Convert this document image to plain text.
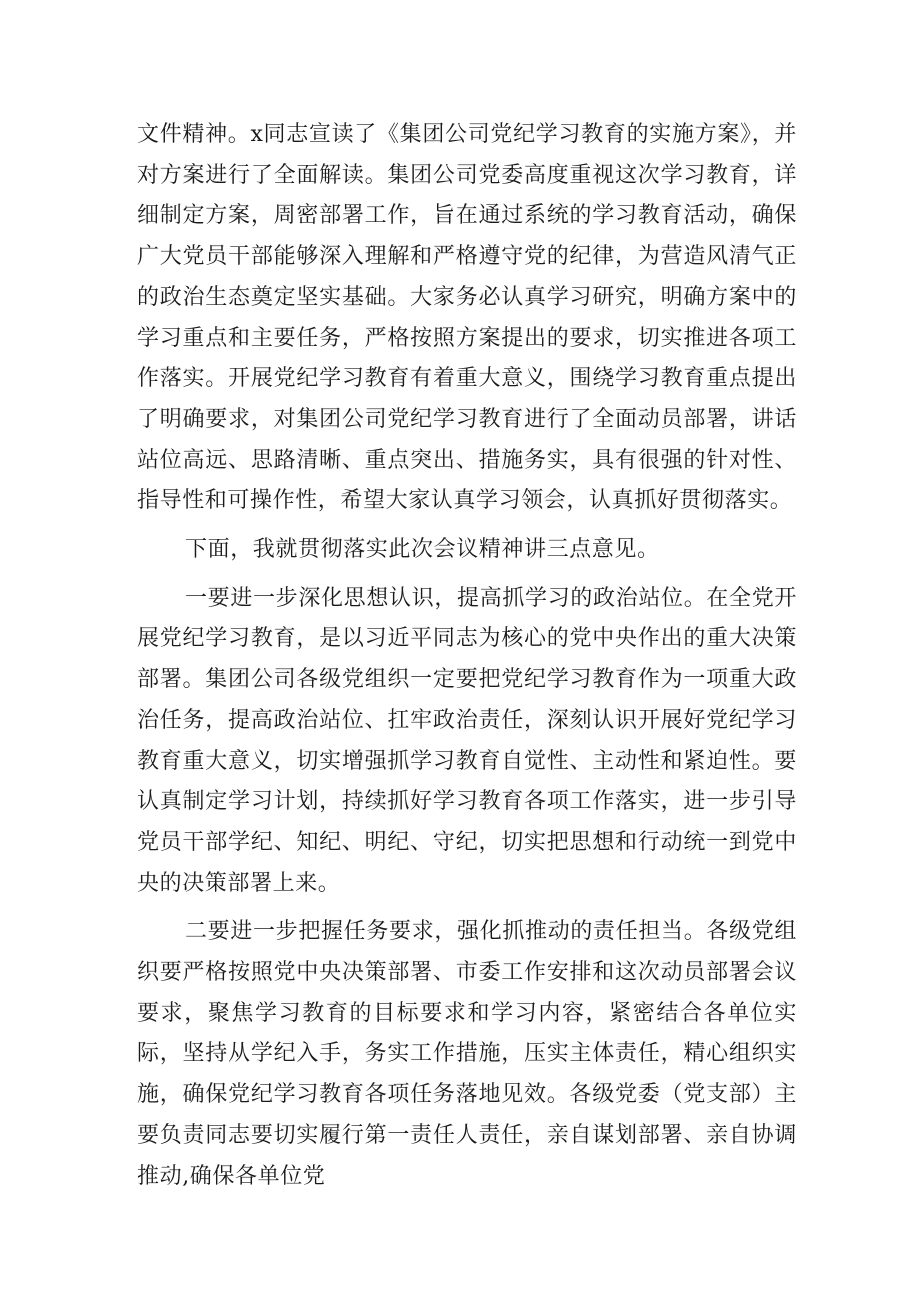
文件精神。x同志宣读了《集团公司党纪学习教育的实施方案》，并对方案进行了全面解读。集团公司党委高度重视这次学习教育，详细制定方案，周密部署工作，旨在通过系统的学习教育活动，确保广大党员干部能够深入理解和严格遵守党的纪律，为营造风清气正的政治生态奠定坚实基础。大家务必认真学习研究，明确方案中的学习重点和主要任务，严格按照方案提出的要求，切实推进各项工作落实。开展党纪学习教育有着重大意义，围绕学习教育重点提出了明确要求，对集团公司党纪学习教育进行了全面动员部署，讲话站位高远、思路清晰、重点突出、措施务实，具有很强的针对性、指导性和可操作性，希望大家认真学习领会，认真抓好贯彻落实。

下面，我就贯彻落实此次会议精神讲三点意见。

一要进一步深化思想认识，提高抓学习的政治站位。在全党开展党纪学习教育，是以习近平同志为核心的党中央作出的重大决策部署。集团公司各级党组织一定要把党纪学习教育作为一项重大政治任务，提高政治站位、扛牢政治责任，深刻认识开展好党纪学习教育重大意义，切实增强抓学习教育自觉性、主动性和紧迫性。要认真制定学习计划，持续抓好学习教育各项工作落实，进一步引导党员干部学纪、知纪、明纪、守纪，切实把思想和行动统一到党中央的决策部署上来。

二要进一步把握任务要求，强化抓推动的责任担当。各级党组织要严格按照党中央决策部署、市委工作安排和这次动员部署会议要求，聚焦学习教育的目标要求和学习内容，紧密结合各单位实际，坚持从学纪入手，务实工作措施，压实主体责任，精心组织实施，确保党纪学习教育各项任务落地见效。各级党委（党支部）主要负责同志要切实履行第一责任人责任，亲自谋划部署、亲自协调推动,确保各单位党
